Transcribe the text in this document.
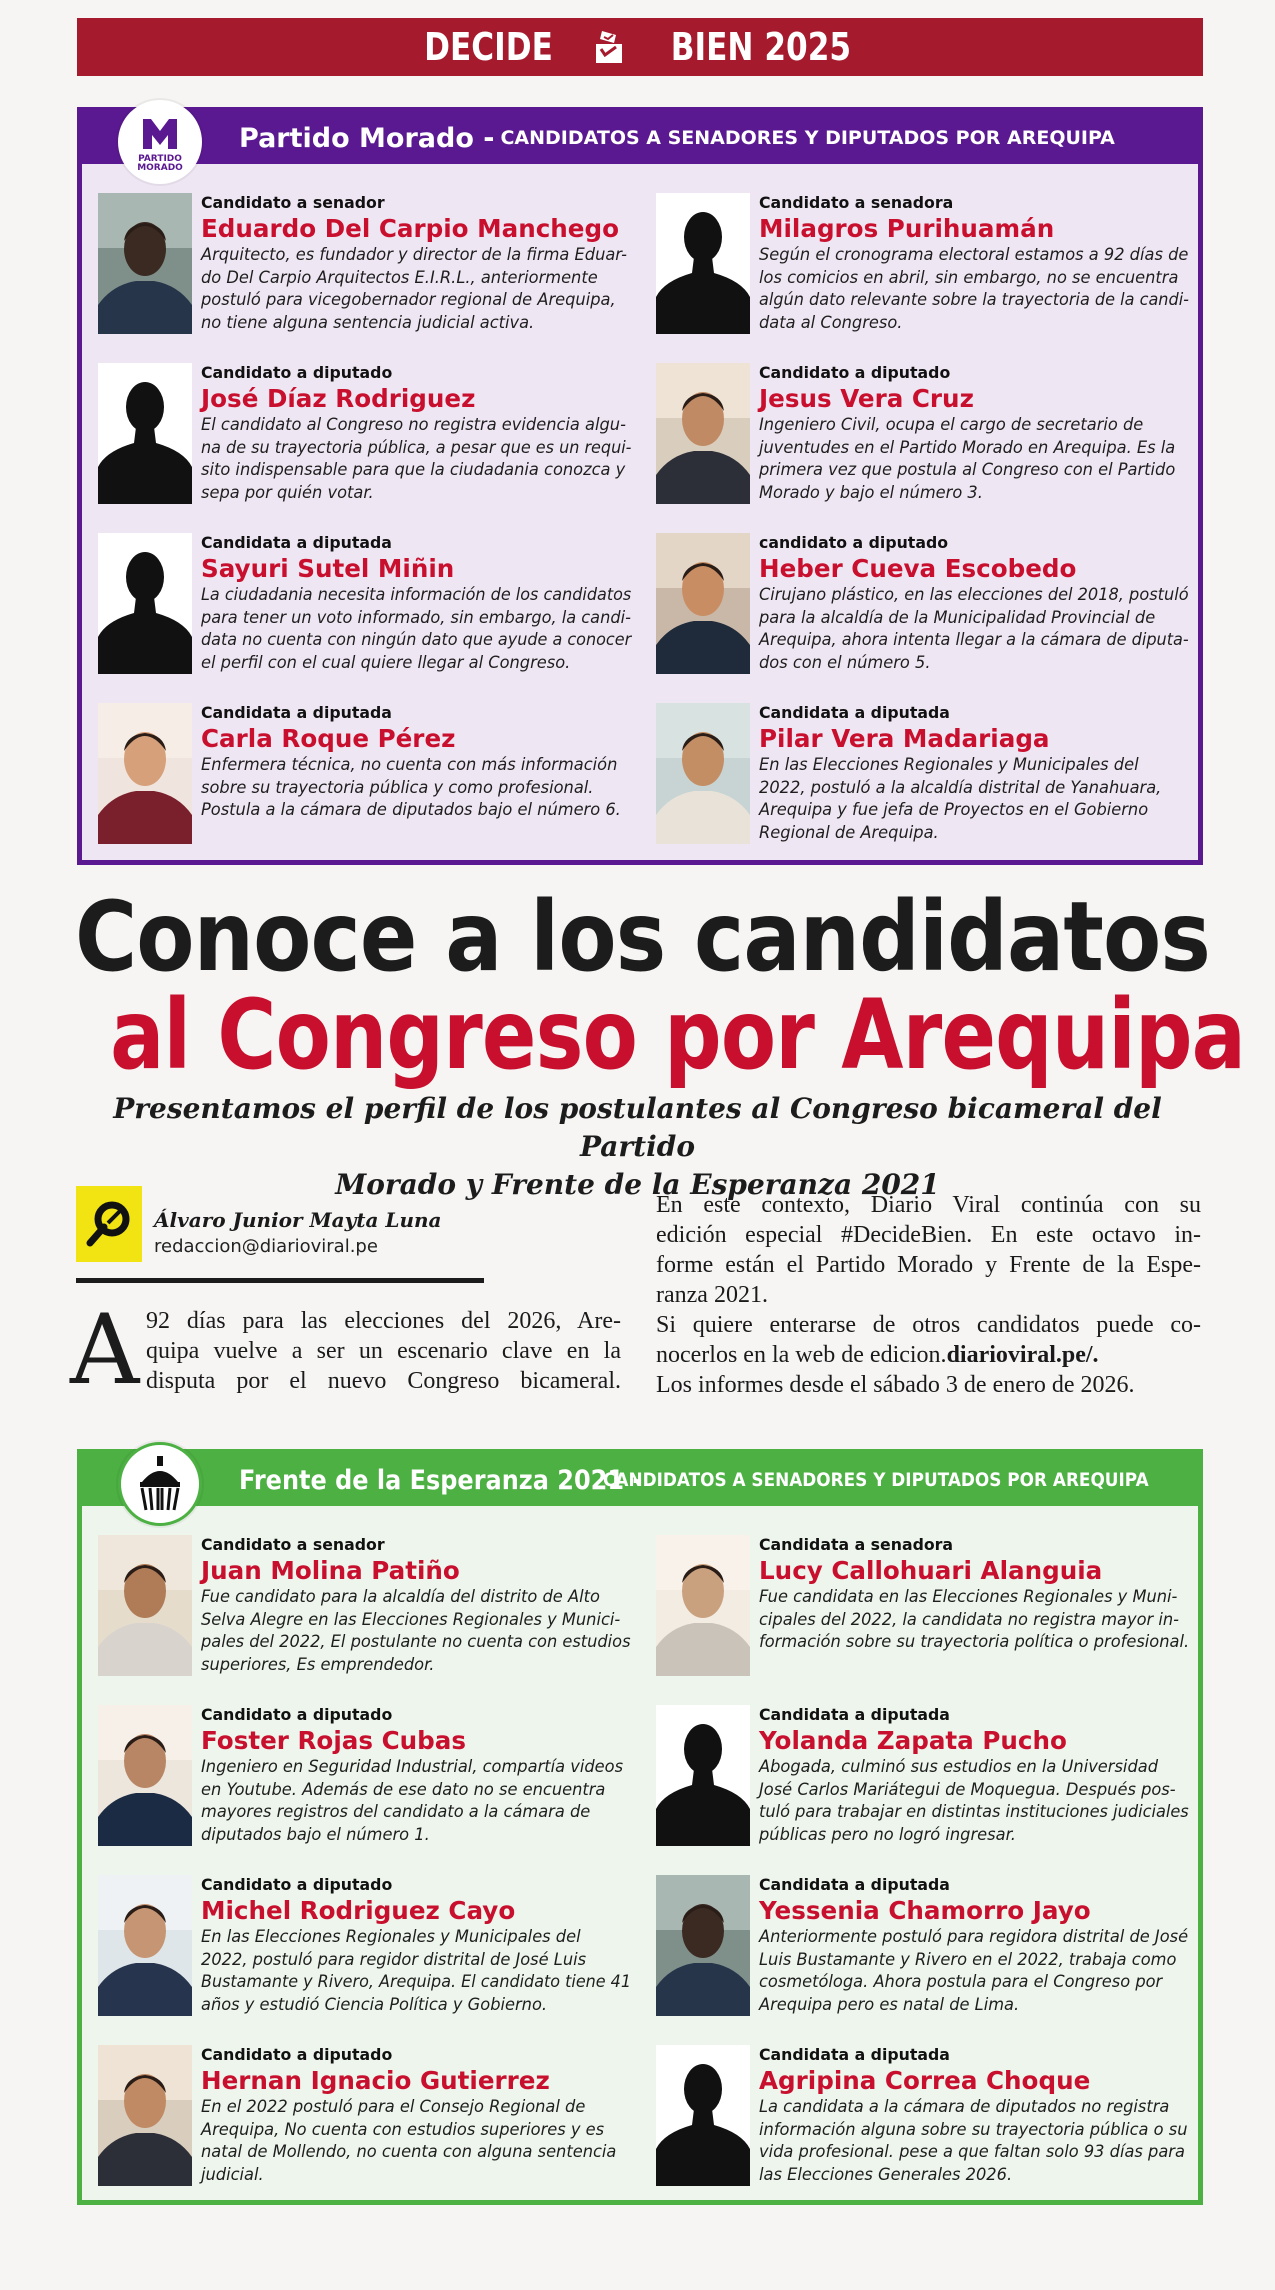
DECIDE	BIEN 2025
Partido Morado - CANDIDATOS A SENADORES Y DIPUTADOS POR AREQUIPA
PARTIDO
MORADO
Candidato a senador
Eduardo Del Carpio Manchego
Arquitecto, es fundador y director de la firma Eduar-
do Del Carpio Arquitectos E.I.R.L., anteriormente
postuló para vicegobernador regional de Arequipa,
no tiene alguna sentencia judicial activa.
Candidato a senadora
Milagros Purihuamán
Según el cronograma electoral estamos a 92 días de
los comicios en abril, sin embargo, no se encuentra
algún dato relevante sobre la trayectoria de la candi-
data al Congreso.
Candidato a diputado
José Díaz Rodriguez
El candidato al Congreso no registra evidencia algu-
na de su trayectoria pública, a pesar que es un requi-
sito indispensable para que la ciudadania conozca y
sepa por quién votar.
Candidato a diputado
Jesus Vera Cruz
Ingeniero Civil, ocupa el cargo de secretario de
juventudes en el Partido Morado en Arequipa. Es la
primera vez que postula al Congreso con el Partido
Morado y bajo el número 3.
Candidata a diputada
Sayuri Sutel Miñin
La ciudadania necesita información de los candidatos
para tener un voto informado, sin embargo, la candi-
data no cuenta con ningún dato que ayude a conocer
el perfil con el cual quiere llegar al Congreso.
candidato a diputado
Heber Cueva Escobedo
Cirujano plástico, en las elecciones del 2018, postuló
para la alcaldía de la Municipalidad Provincial de
Arequipa, ahora intenta llegar a la cámara de diputa-
dos con el número 5.
Candidata a diputada
Carla Roque Pérez
Enfermera técnica, no cuenta con más información
sobre su trayectoria pública y como profesional.
Postula a la cámara de diputados bajo el número 6.
Candidata a diputada
Pilar Vera Madariaga
En las Elecciones Regionales y Municipales del
2022, postuló a la alcaldía distrital de Yanahuara,
Arequipa y fue jefa de Proyectos en el Gobierno
Regional de Arequipa.
Conoce a los candidatos
al Congreso por Arequipa
Presentamos el perfil de los postulantes al Congreso bicameral del Partido
Morado y Frente de la Esperanza 2021
Álvaro Junior Mayta Luna
redaccion@diarioviral.pe
A 92 días para las elecciones del 2026, Are-
quipa vuelve a ser un escenario clave en la
disputa por el nuevo Congreso bicameral.
En este contexto, Diario Viral continúa con su
edición especial #DecideBien. En este octavo in-
forme están el Partido Morado y Frente de la Espe-
ranza 2021.
Si quiere enterarse de otros candidatos puede co-
nocerlos en la web de edicion.diarioviral.pe/.
Los informes desde el sábado 3 de enero de 2026.
Frente de la Esperanza 2021 -
CANDIDATOS A SENADORES Y DIPUTADOS POR AREQUIPA
Candidato a senador
Juan Molina Patiño
Fue candidato para la alcaldía del distrito de Alto
Selva Alegre en las Elecciones Regionales y Munici-
pales del 2022, El postulante no cuenta con estudios
superiores, Es emprendedor.
Candidata a senadora
Lucy Callohuari Alanguia
Fue candidata en las Elecciones Regionales y Muni-
cipales del 2022, la candidata no registra mayor in-
formación sobre su trayectoria política o profesional.
Candidato a diputado
Foster Rojas Cubas
Ingeniero en Seguridad Industrial, compartía videos
en Youtube. Además de ese dato no se encuentra
mayores registros del candidato a la cámara de
diputados bajo el número 1.
Candidata a diputada
Yolanda Zapata Pucho
Abogada, culminó sus estudios en la Universidad
José Carlos Mariátegui de Moquegua. Después pos-
tuló para trabajar en distintas instituciones judiciales
públicas pero no logró ingresar.
Candidato a diputado
Michel Rodriguez Cayo
En las Elecciones Regionales y Municipales del
2022, postuló para regidor distrital de José Luis
Bustamante y Rivero, Arequipa. El candidato tiene 41
años y estudió Ciencia Política y Gobierno.
Candidata a diputada
Yessenia Chamorro Jayo
Anteriormente postuló para regidora distrital de José
Luis Bustamante y Rivero en el 2022, trabaja como
cosmetóloga. Ahora postula para el Congreso por
Arequipa pero es natal de Lima.
Candidato a diputado
Hernan Ignacio Gutierrez
En el 2022 postuló para el Consejo Regional de
Arequipa, No cuenta con estudios superiores y es
natal de Mollendo, no cuenta con alguna sentencia
judicial.
Candidata a diputada
Agripina Correa Choque
La candidata a la cámara de diputados no registra
información alguna sobre su trayectoria pública o su
vida profesional. pese a que faltan solo 93 días para
las Elecciones Generales 2026.
